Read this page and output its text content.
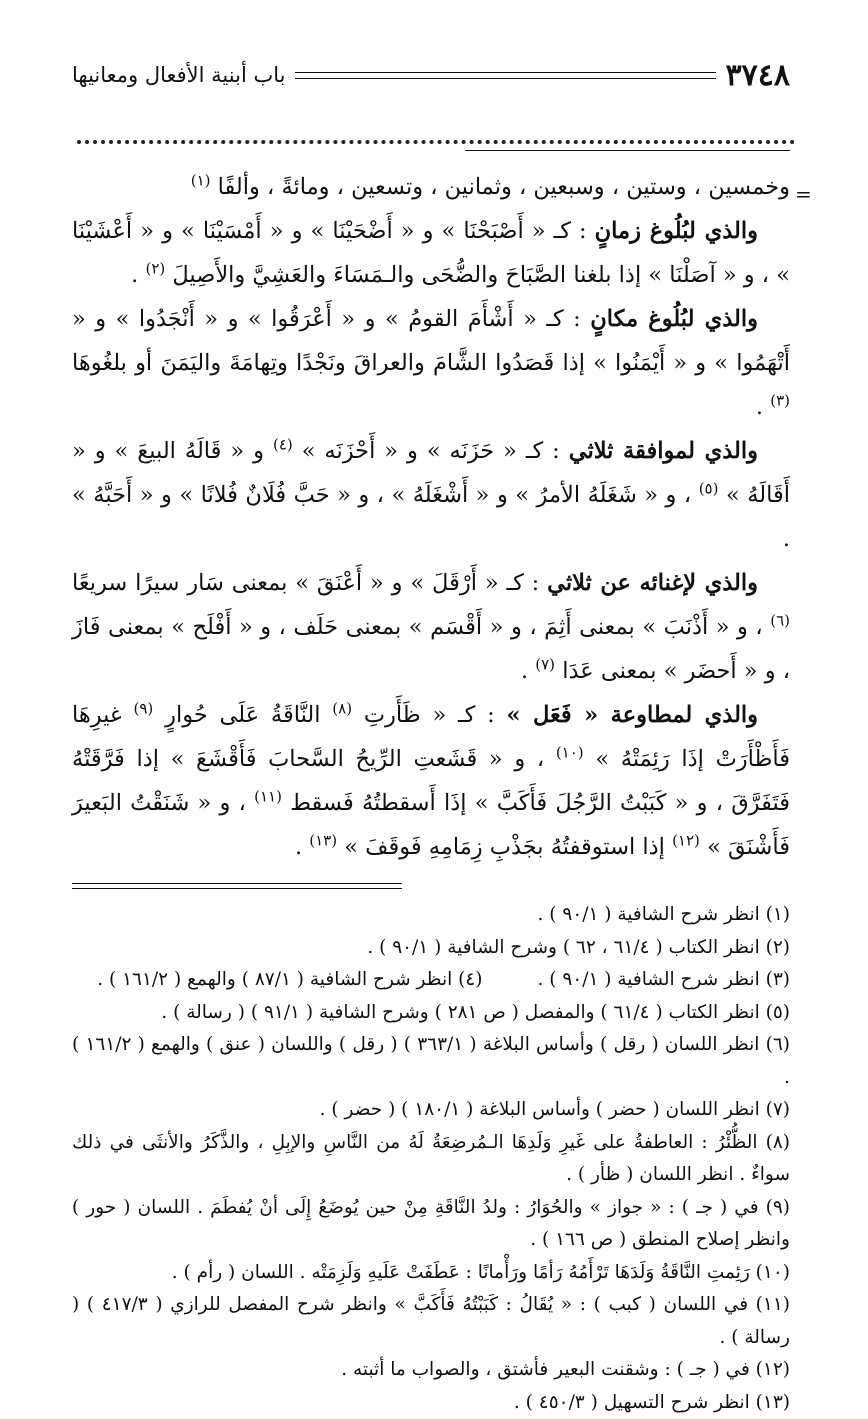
٣٧٤٨
باب أبنية الأفعال ومعانيها
=

وخمسين ، وستين ، وسبعين ، وثمانين ، وتسعين ، ومائةً ، وألفًا $^{(١)}$

والذي لبُلُوغ زمانٍ : كـ « أَصْبَحْنَا » و « أَضْحَيْنَا » و « أَمْسَيْنَا » و « أَعْشَيْنَا » ، و « آصَلْنَا » إذا بلغنا الصَّبَاحَ والضُّحَى والـمَسَاءَ والعَشِيَّ والأَصِيلَ $^{(٢)}$ .

والذي لبُلُوغ مكانٍ : كـ « أَشْأَمَ القومُ » و « أَعْرَقُوا » و « أَنْجَدُوا » و « أَتْهَمُوا » و « أَيْمَنُوا » إذا قَصَدُوا الشَّامَ والعراقَ ونَجْدًا وتِهامَةَ واليَمَنَ أو بلغُوهَا $^{(٣)}$ .

والذي لموافقة ثلاثي : كـ « حَزَنَه » و « أَحْزَنَه » $^{(٤)}$ و « قَالَهُ البيعَ » و « أَقَالَهُ » $^{(٥)}$ ، و « شَغَلَهُ الأمرُ » و « أَشْغَلَهُ » ، و « حَبَّ فُلَانٌ فُلانًا » و « أَحَبَّهُ » .

والذي لإغنائه عن ثلاثي : كـ « أَرْقَلَ » و « أَعْنَقَ » بمعنى سَار سيرًا سريعًا $^{(٦)}$ ، و « أَذْنَبَ » بمعنى أَثِمَ ، و « أَقْسَم » بمعنى حَلَف ، و « أَفْلَح » بمعنى فَازَ ، و « أَحضَر » بمعنى عَدَا $^{(٧)}$ .

والذي لمطاوعة « فَعَل » : كـ « ظَأَرتِ $^{(٨)}$ النَّاقَةُ عَلَى حُوارٍ $^{(٩)}$ غيرِهَا فَأَظْأَرَتْ إذَا رَئِمَتْهُ » $^{(١٠)}$ ، و « قَشَعتِ الرِّيحُ السَّحابَ فَأَقْشَعَ » إذا فَرَّقَتْهُ فَتَفَرَّقَ ، و « كَبَبْتُ الرَّجُلَ فَأَكَبَّ » إذَا أَسقطتُهُ فَسقط $^{(١١)}$ ، و « شَنَقْتُ البَعيرَ فَأَشْنَقَ » $^{(١٢)}$ إذا استوقفتُهُ بجَذْبِ زِمَامِهِ فَوقَفَ » $^{(١٣)}$ .

(١) انظر شرح الشافية ( ٩٠/١ ) .

(٢) انظر الكتاب ( ٦١/٤ ، ٦٢ ) وشرح الشافية ( ٩٠/١ ) .

(٣) انظر شرح الشافية ( ٩٠/١ ) .
(٤) انظر شرح الشافية ( ٨٧/١ ) والهمع ( ١٦١/٢ ) .

(٥) انظر الكتاب ( ٦١/٤ ) والمفصل ( ص ٢٨١ ) وشرح الشافية ( ٩١/١ ) ( رسالة ) .

(٦) انظر اللسان ( رقل ) وأساس البلاغة ( ٣٦٣/١ ) ( رقل ) واللسان ( عنق ) والهمع ( ١٦١/٢ ) .

(٧) انظر اللسان ( حضر ) وأساس البلاغة ( ١٨٠/١ ) ( حضر ) .

(٨) الظُّئْرُ : العاطفةُ على غَيرِ وَلَدِهَا الـمُرضِعَةُ لَهُ من النَّاسِ والإبِلِ ، والذَّكَرُ والأنثَى في ذلك سواءٌ . انظر اللسان ( ظأر ) .

(٩) في ( جـ ) : « جواز » والحُوَارُ : ولدُ النَّاقَةِ مِنْ حين يُوضَعُ إِلَى أنْ يُفطَمَ . اللسان ( حور ) وانظر إصلاح المنطق ( ص ١٦٦ ) .

(١٠) رَئِمتِ النَّاقَةُ وَلَدَهَا تَرْأَمُهُ رَأمًا ورَأْمانًا : عَطَفَتْ عَلَيهِ وَلَزِمَتْه . اللسان ( رأم ) .

(١١) في اللسان ( كبب ) : « يُقَالُ : كَبَبْتُهُ فَأَكَبَّ » وانظر شرح المفصل للرازي ( ٤١٧/٣ ) ( رسالة ) .

(١٢) في ( جـ ) : وشقنت البعير فأشتق ، والصواب ما أثبته .

(١٣) انظر شرح التسهيل ( ٤٥٠/٣ ) .
